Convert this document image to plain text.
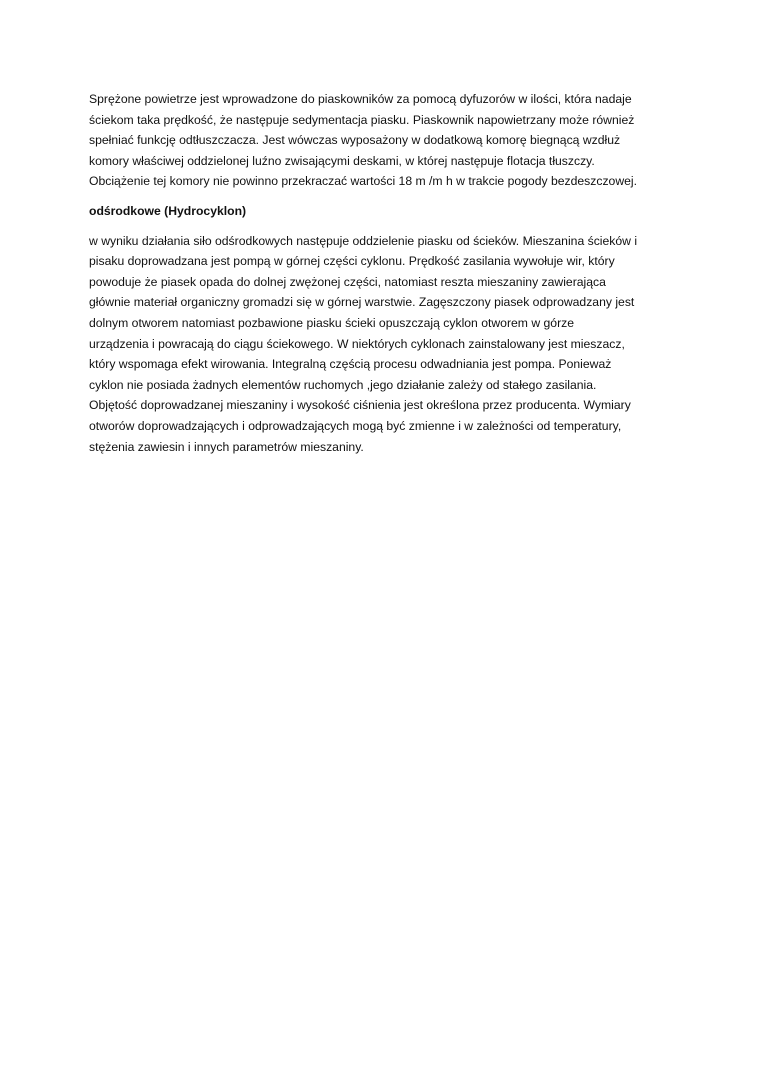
Sprężone powietrze jest wprowadzone do piaskowników za pomocą dyfuzorów w ilości, która nadaje
ściekom taka prędkość, że następuje sedymentacja piasku. Piaskownik napowietrzany może również
spełniać funkcję odtłuszczacza. Jest wówczas wyposażony w dodatkową komorę biegnącą wzdłuż
komory właściwej oddzielonej luźno zwisającymi deskami, w której następuje flotacja tłuszczy.
Obciążenie tej komory nie powinno przekraczać wartości 18 m /m h w trakcie pogody bezdeszczowej.

odśrodkowe (Hydrocyklon)

w wyniku działania siło odśrodkowych następuje oddzielenie piasku od ścieków. Mieszanina ścieków i
pisaku doprowadzana jest pompą w górnej części cyklonu. Prędkość zasilania wywołuje wir, który
powoduje że piasek opada do dolnej zwężonej części, natomiast reszta mieszaniny zawierająca
głównie materiał organiczny gromadzi się w górnej warstwie. Zagęszczony piasek odprowadzany jest
dolnym otworem natomiast pozbawione piasku ścieki opuszczają cyklon otworem w górze
urządzenia i powracają do ciągu ściekowego. W niektórych cyklonach zainstalowany jest mieszacz,
który wspomaga efekt wirowania. Integralną częścią procesu odwadniania jest pompa. Ponieważ
cyklon nie posiada żadnych elementów ruchomych ,jego działanie zależy od stałego zasilania.
Objętość doprowadzanej mieszaniny i wysokość ciśnienia jest określona przez producenta. Wymiary
otworów doprowadzających i odprowadzających mogą być zmienne i w zależności od temperatury,
stężenia zawiesin i innych parametrów mieszaniny.
